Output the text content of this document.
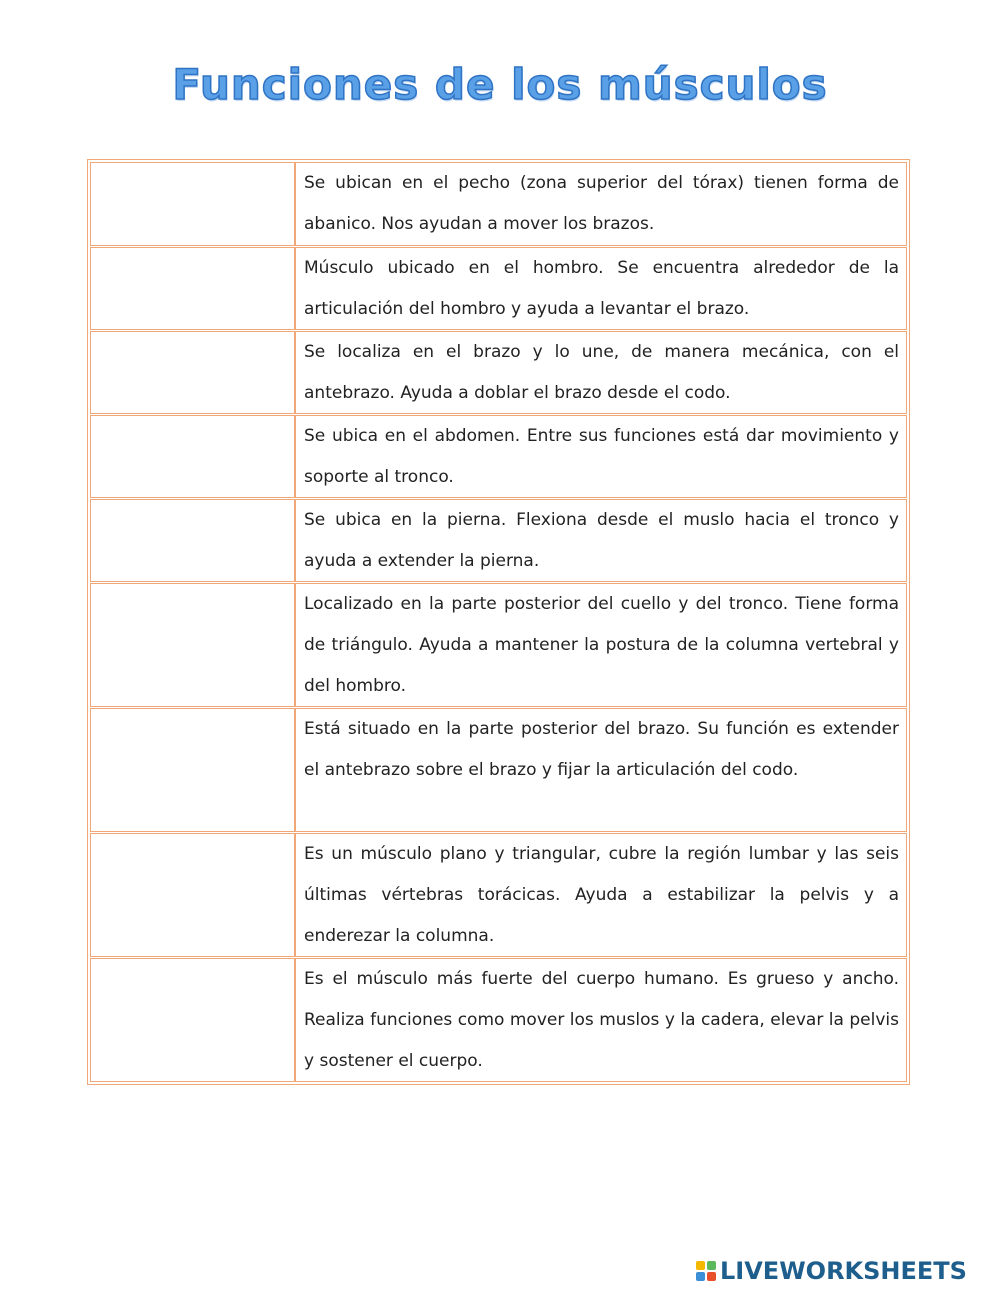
Funciones de los músculos
Se ubican en el pecho (zona superior del tórax) tienen forma de abanico. Nos ayudan a mover los brazos.
Músculo ubicado en el hombro. Se encuentra alrededor de la articulación del hombro y ayuda a levantar el brazo.
Se localiza en el brazo y lo une, de manera mecánica, con el antebrazo. Ayuda a doblar el brazo desde el codo.
Se ubica en el abdomen. Entre sus funciones está dar movimiento y soporte al tronco.
Se ubica en la pierna. Flexiona desde el muslo hacia el tronco y ayuda a extender la pierna.
Localizado en la parte posterior del cuello y del tronco. Tiene forma de triángulo. Ayuda a mantener la postura de la columna vertebral y del hombro.
Está situado en la parte posterior del brazo. Su función es extender el antebrazo sobre el brazo y fijar la articulación del codo.
Es un músculo plano y triangular, cubre la región lumbar y las seis últimas vértebras torácicas. Ayuda a estabilizar la pelvis y a enderezar la columna.
Es el músculo más fuerte del cuerpo humano. Es grueso y ancho. Realiza funciones como mover los muslos y la cadera, elevar la pelvis y sostener el cuerpo.
LIVEWORKSHEETS
